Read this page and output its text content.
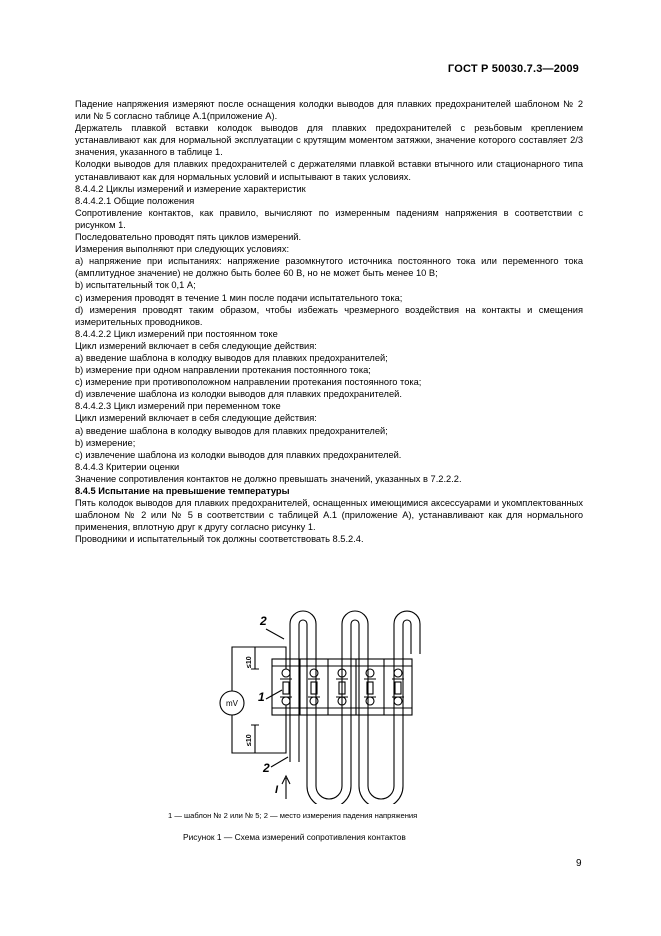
ГОСТ Р 50030.7.3—2009

Падение напряжения измеряют после оснащения колодки выводов для плавких предохранителей шаблоном № 2 или № 5 согласно таблице А.1(приложение А).

Держатель плавкой вставки колодок выводов для плавких предохранителей с резьбовым креплением устанавливают как для нормальной эксплуатации с крутящим моментом затяжки, значение которого составляет 2/3 значения, указанного в таблице 1.

Колодки выводов для плавких предохранителей с держателями плавкой вставки втычного или стационарного типа устанавливают как для нормальных условий и испытывают в таких условиях.

8.4.4.2 Циклы измерений и измерение характеристик

8.4.4.2.1 Общие положения

Сопротивление контактов, как правило, вычисляют по измеренным падениям напряжения в соответствии с рисунком 1.

Последовательно проводят пять циклов измерений.

Измерения выполняют при следующих условиях:

a) напряжение при испытаниях: напряжение разомкнутого источника постоянного тока или переменного тока (амплитудное значение) не должно быть более 60 В, но не может быть менее 10 В;

b) испытательный ток 0,1 А;

c) измерения проводят в течение 1 мин после подачи испытательного тока;

d) измерения проводят таким образом, чтобы избежать чрезмерного воздействия на контакты и смещения измерительных проводников.

8.4.4.2.2 Цикл измерений при постоянном токе

Цикл измерений включает в себя следующие действия:

a) введение шаблона в колодку выводов для плавких предохранителей;

b) измерение при одном направлении протекания постоянного тока;

c) измерение при противоположном направлении протекания постоянного тока;

d) извлечение шаблона из колодки выводов для плавких предохранителей.

8.4.4.2.3 Цикл измерений при переменном токе

Цикл измерений включает в себя следующие действия:

a) введение шаблона в колодку выводов для плавких предохранителей;

b) измерение;

c) извлечение шаблона из колодки выводов для плавких предохранителей.

8.4.4.3 Критерии оценки

Значение сопротивления контактов не должно превышать значений, указанных в 7.2.2.2.

8.4.5 Испытание на превышение температуры

Пять колодок выводов для плавких предохранителей, оснащенных имеющимися аксессуарами и укомплектованных шаблоном № 2 или № 5 в соответствии с таблицей А.1 (приложение А), устанавливают как для нормального применения, вплотную друг к другу согласно рисунку 1.

Проводники и испытательный ток должны соответствовать 8.5.2.4.

mV
2
2
1
≤10
≤10
I
1 — шаблон № 2 или № 5; 2 — место измерения падения напряжения
Рисунок 1 — Схема измерений сопротивления контактов
9
